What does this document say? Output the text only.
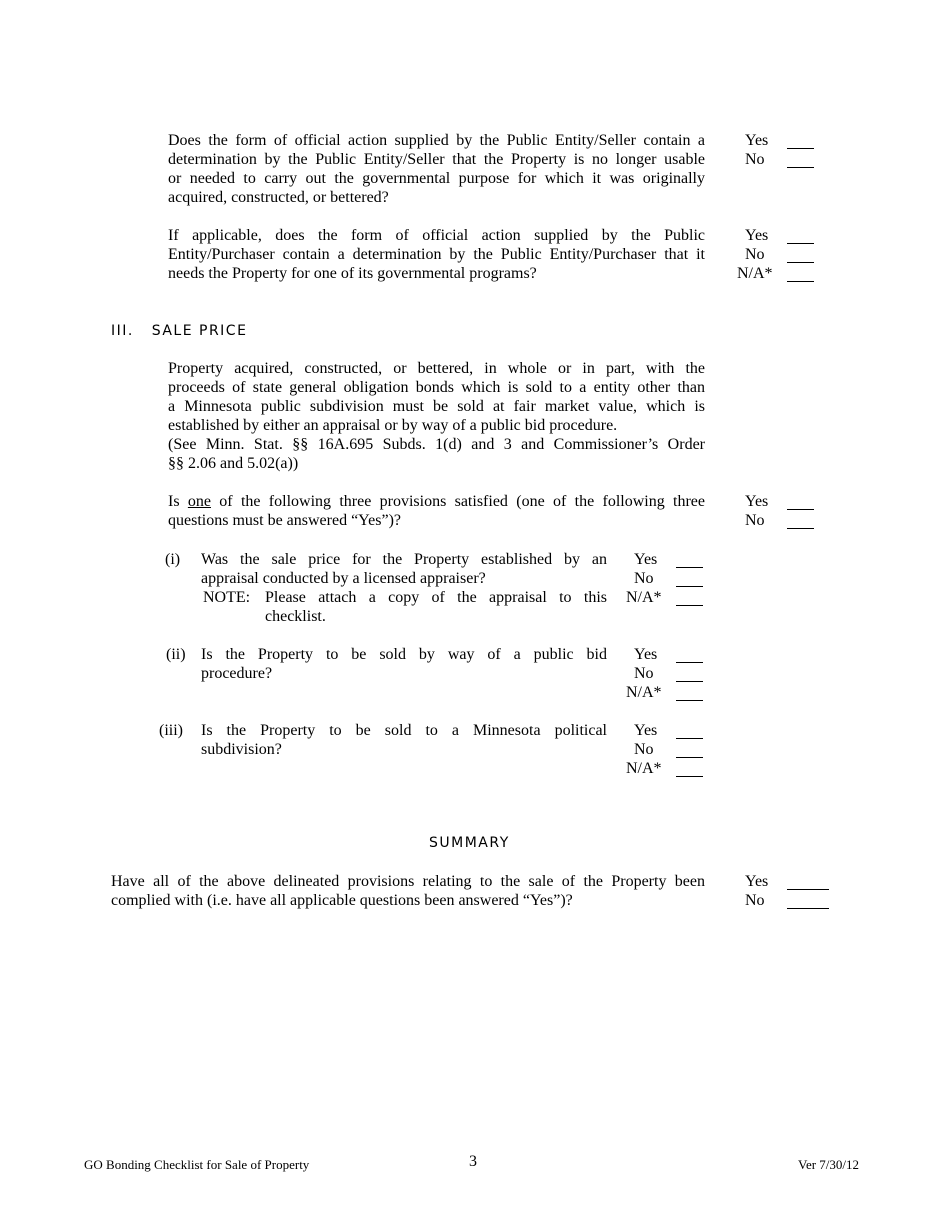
Does the form of official action supplied by the Public Entity/Seller contain a
determination by the Public Entity/Seller that the Property is no longer usable
or needed to carry out the governmental purpose for which it was originally
acquired, constructed, or bettered?
Yes
No
If applicable, does the form of official action supplied by the Public
Entity/Purchaser contain a determination by the Public Entity/Purchaser that it
needs the Property for one of its governmental programs?
Yes
No
N/A*
III.   SALE PRICE
Property acquired, constructed, or bettered, in whole or in part, with the
proceeds of state general obligation bonds which is sold to a entity other than
a Minnesota public subdivision must be sold at fair market value, which is
established by either an appraisal or by way of a public bid procedure.
(See Minn. Stat. §§ 16A.695 Subds. 1(d) and 3 and Commissioner’s Order
§§ 2.06 and 5.02(a))
Is one of the following three provisions satisfied (one of the following three
questions must be answered “Yes”)?
Yes
No
(i) Was the sale price for the Property established by an
appraisal conducted by a licensed appraiser?
NOTE: Please attach a copy of the appraisal to this
checklist.
Yes
No
N/A*
(ii) Is the Property to be sold by way of a public bid
procedure?
Yes
No
N/A*
(iii) Is the Property to be sold to a Minnesota political
subdivision?
Yes
No
N/A*
SUMMARY
Have all of the above delineated provisions relating to the sale of the Property been
complied with (i.e. have all applicable questions been answered “Yes”)?
Yes
No
GO Bonding Checklist for Sale of Property	3	Ver 7/30/12
